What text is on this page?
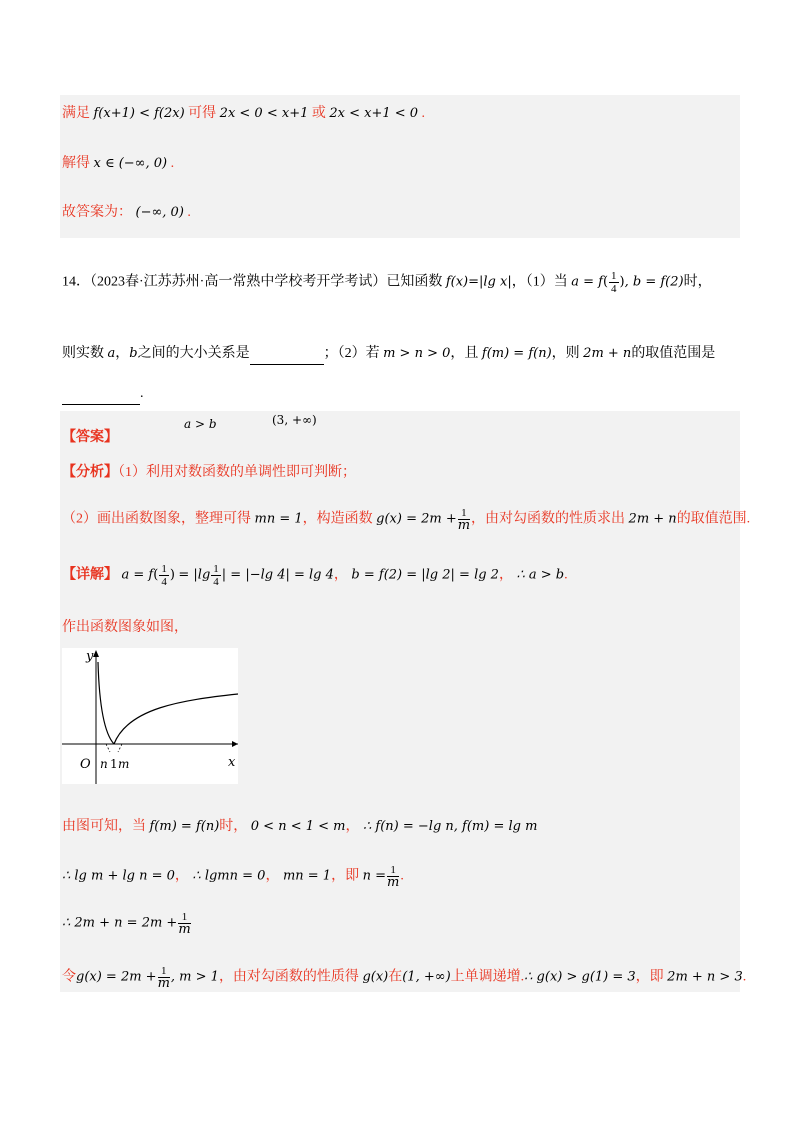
满足 f(x+1) < f(2x) 可得 2x < 0 < x+1 或 2x < x+1 < 0 .
解得 x ∈ (−∞, 0) .
故答案为： (−∞, 0) .
14．（2023春·江苏苏州·高一常熟中学校考开学考试）已知函数 f(x)=|lg x|，（1）当 $a = f( \frac{1}{4}$ ), b = f(2)时，
则实数 a，b之间的大小关系是	；（2）若 m > n > 0，且 f(m) = f(n)，则 2m + n的取值范围是
.
【答案】
a > b	(3, +∞)
【分析】（1）利用对数函数的单调性即可判断；
（2）画出函数图象，整理可得 mn = 1，构造函数 $g(x) = 2m + \frac{1}{m}$ ，由对勾函数的性质求出 2m + n的取值范围.
【详解】 $a = f( \frac{1}{4}$ ) = $|\lg \frac{1}{4}$ | = |−lg 4| = lg 4， b = f(2) = |lg 2| = lg 2， ∴ a > b.
作出函数图象如图，
y
x
O n 1 m
由图可知，当 f(m) = f(n)时， 0 < n < 1 < m， ∴ f(n) = −lg n, f(m) = lg m
∴ lg m + lg n = 0， ∴ lgmn = 0， mn = 1，即 $n = \frac{1}{m}$ .
∴ $2m + n = 2m + \frac{1}{m}$
令$g(x) = 2m + \frac{1}{m}$ , m > 1，由对勾函数的性质得 g(x)在(1, +∞)上单调递增.∴ g(x) > g(1) = 3，即 2m + n > 3.
